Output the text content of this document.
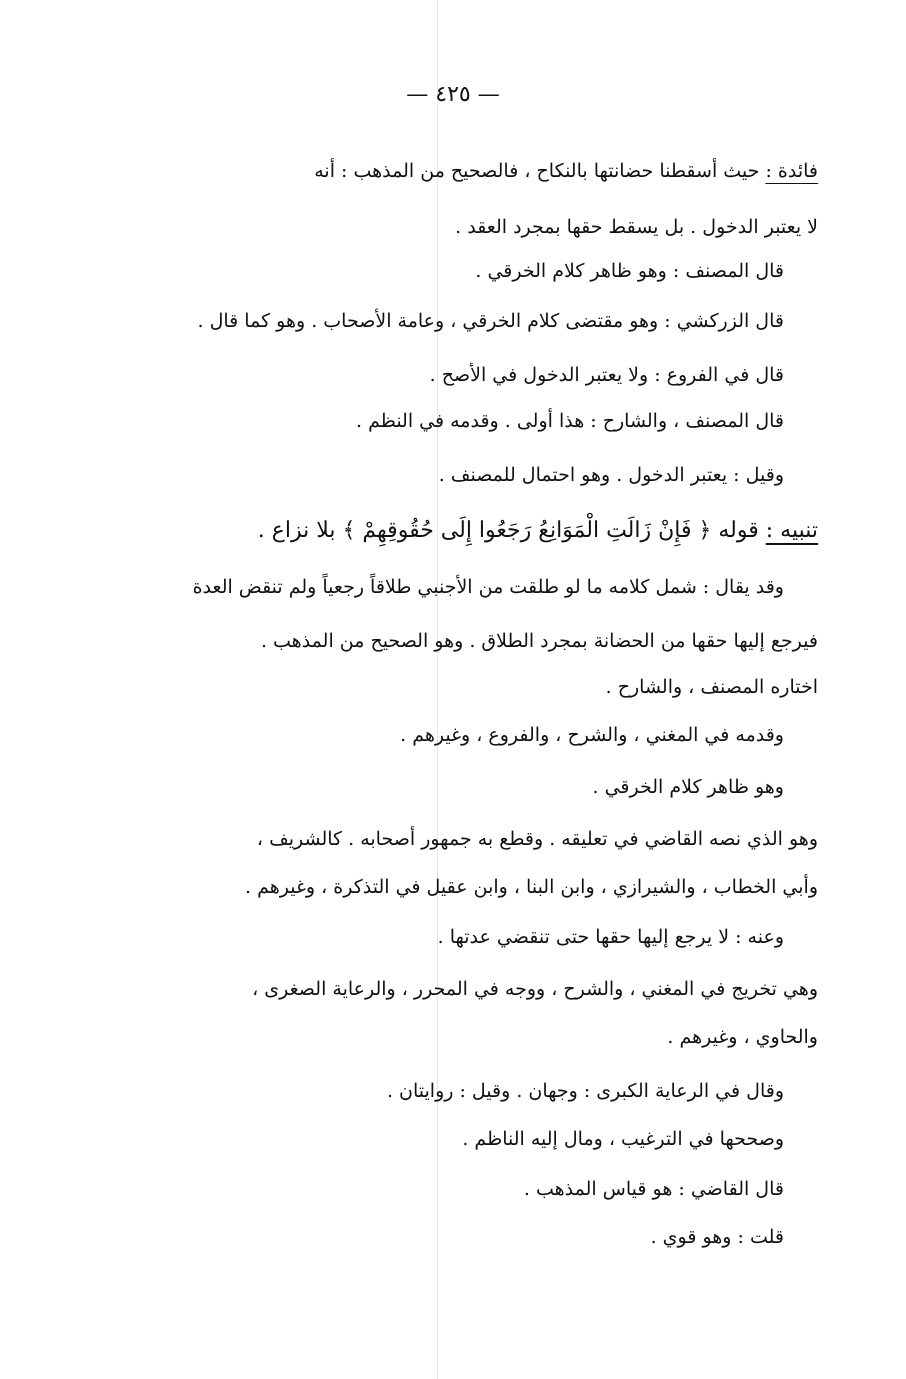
— ٤٢٥ —
فائدة : حيث أسقطنا حضانتها بالنكاح ، فالصحيح من المذهب : أنه
لا يعتبر الدخول . بل يسقط حقها بمجرد العقد .
قال المصنف : وهو ظاهر كلام الخرقي .
قال الزركشي : وهو مقتضى كلام الخرقي ، وعامة الأصحاب . وهو كما قال .
قال في الفروع : ولا يعتبر الدخول في الأصح .
قال المصنف ، والشارح : هذا أولى . وقدمه في النظم .
وقيل : يعتبر الدخول . وهو احتمال للمصنف .
تنبيه : قوله ﴿ فَإِنْ زَالَتِ الْمَوَانِعُ رَجَعُوا إِلَى حُقُوقِهِمْ ﴾ بلا نزاع .
وقد يقال : شمل كلامه ما لو طلقت من الأجنبي طلاقاً رجعياً ولم تنقض العدة
فيرجع إليها حقها من الحضانة بمجرد الطلاق . وهو الصحيح من المذهب .
اختاره المصنف ، والشارح .
وقدمه في المغني ، والشرح ، والفروع ، وغيرهم .
وهو ظاهر كلام الخرقي .
وهو الذي نصه القاضي في تعليقه . وقطع به جمهور أصحابه . كالشريف ،
وأبي الخطاب ، والشيرازي ، وابن البنا ، وابن عقيل في التذكرة ، وغيرهم .
وعنه : لا يرجع إليها حقها حتى تنقضي عدتها .
وهي تخريج في المغني ، والشرح ، ووجه في المحرر ، والرعاية الصغرى ،
والحاوي ، وغيرهم .
وقال في الرعاية الكبرى : وجهان . وقيل : روايتان .
وصححها في الترغيب ، ومال إليه الناظم .
قال القاضي : هو قياس المذهب .
قلت : وهو قوي .
